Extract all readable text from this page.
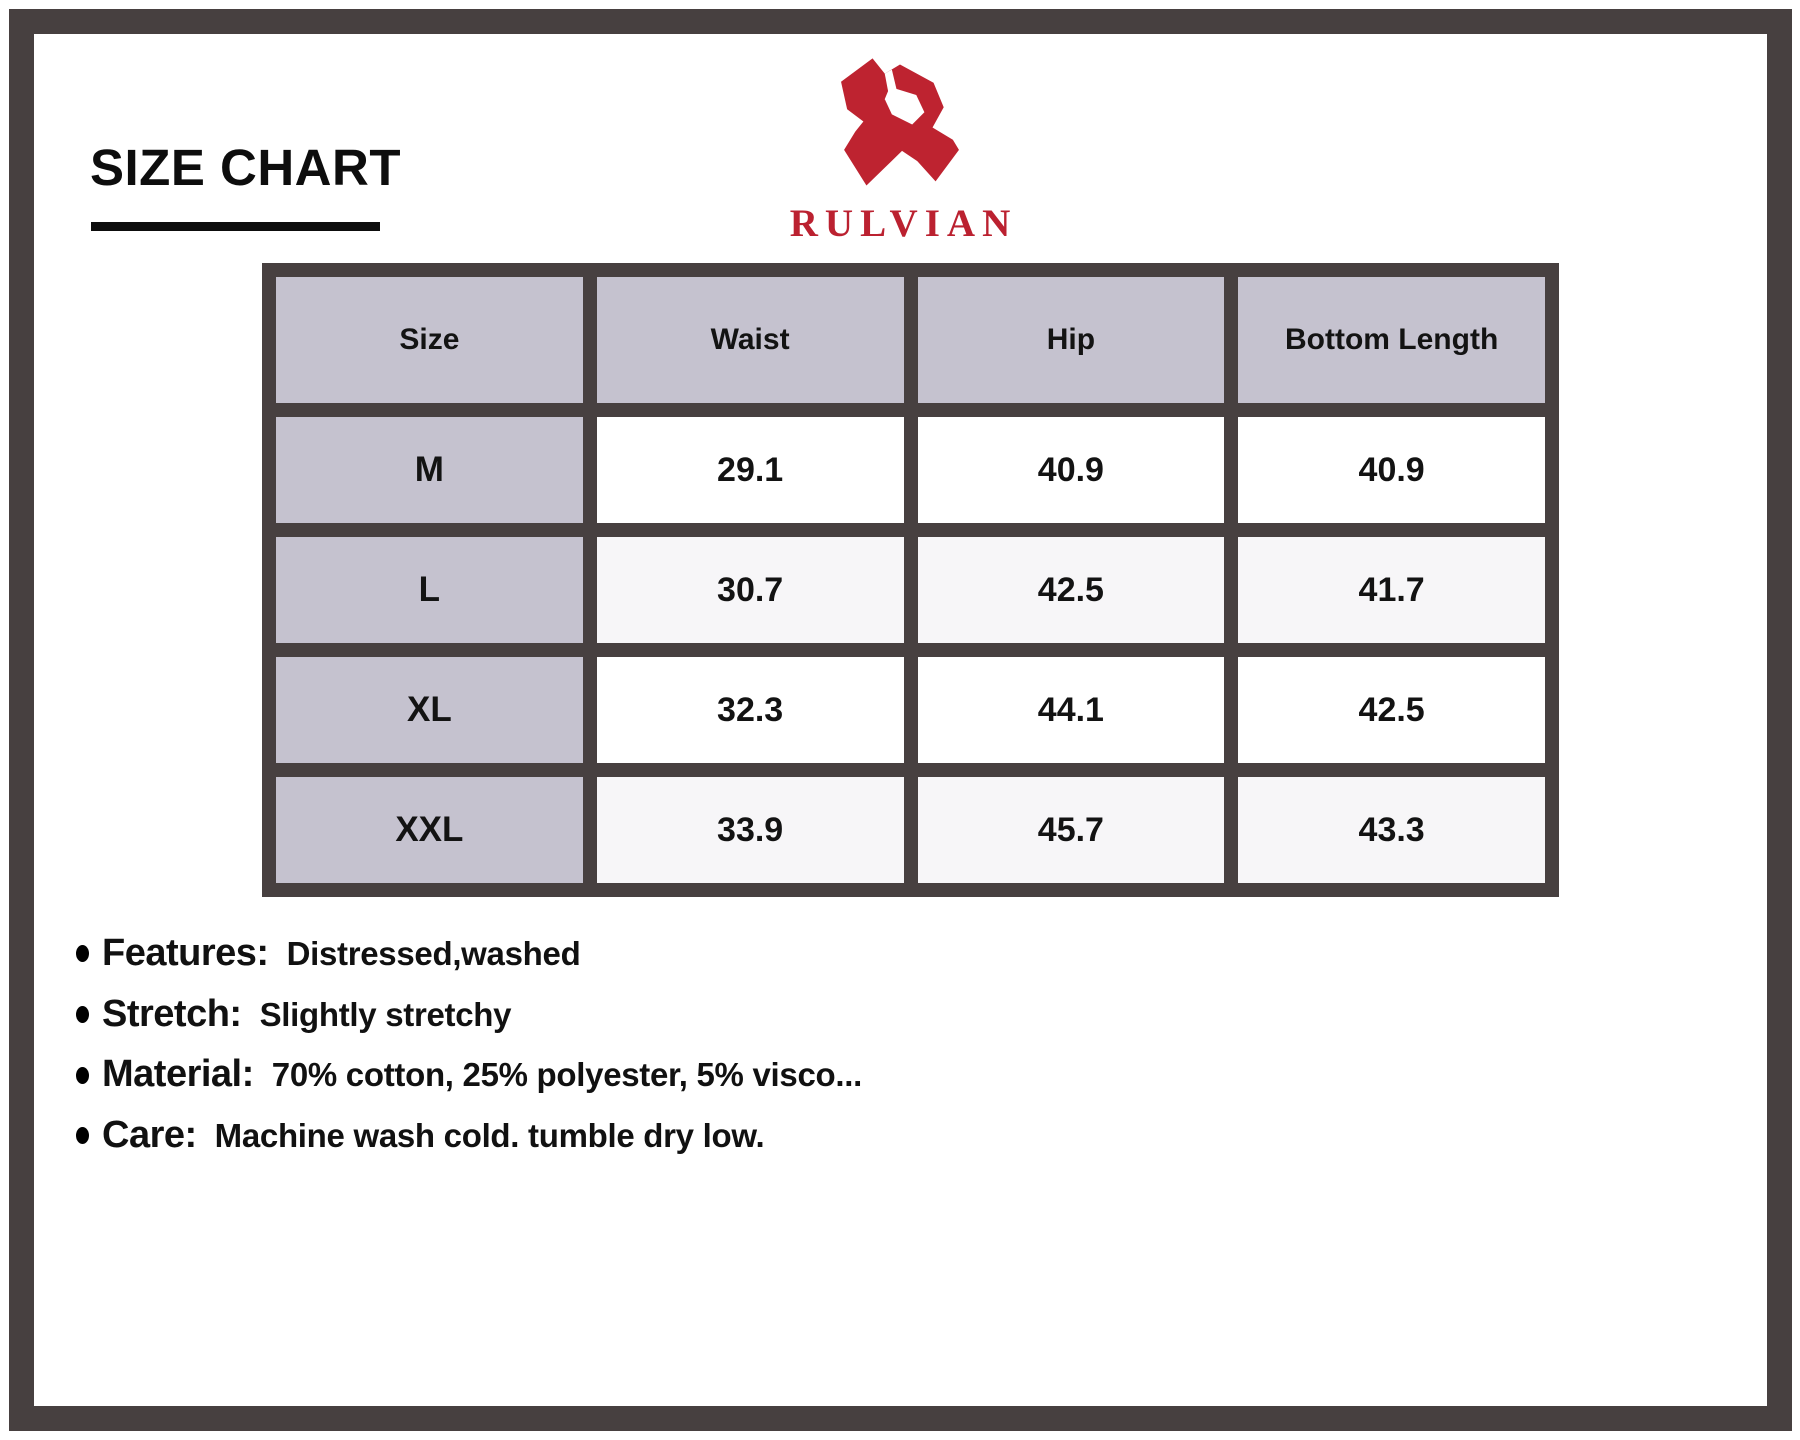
SIZE CHART
RULVIAN
Size	Waist	Hip	Bottom Length
M	29.1	40.9	40.9
L	30.7	42.5	41.7
XL	32.3	44.1	42.5
XXL	33.9	45.7	43.3
Features: Distressed,washed
Stretch: Slightly stretchy
Material: 70% cotton, 25% polyester, 5% visco...
Care: Machine wash cold. tumble dry low.
